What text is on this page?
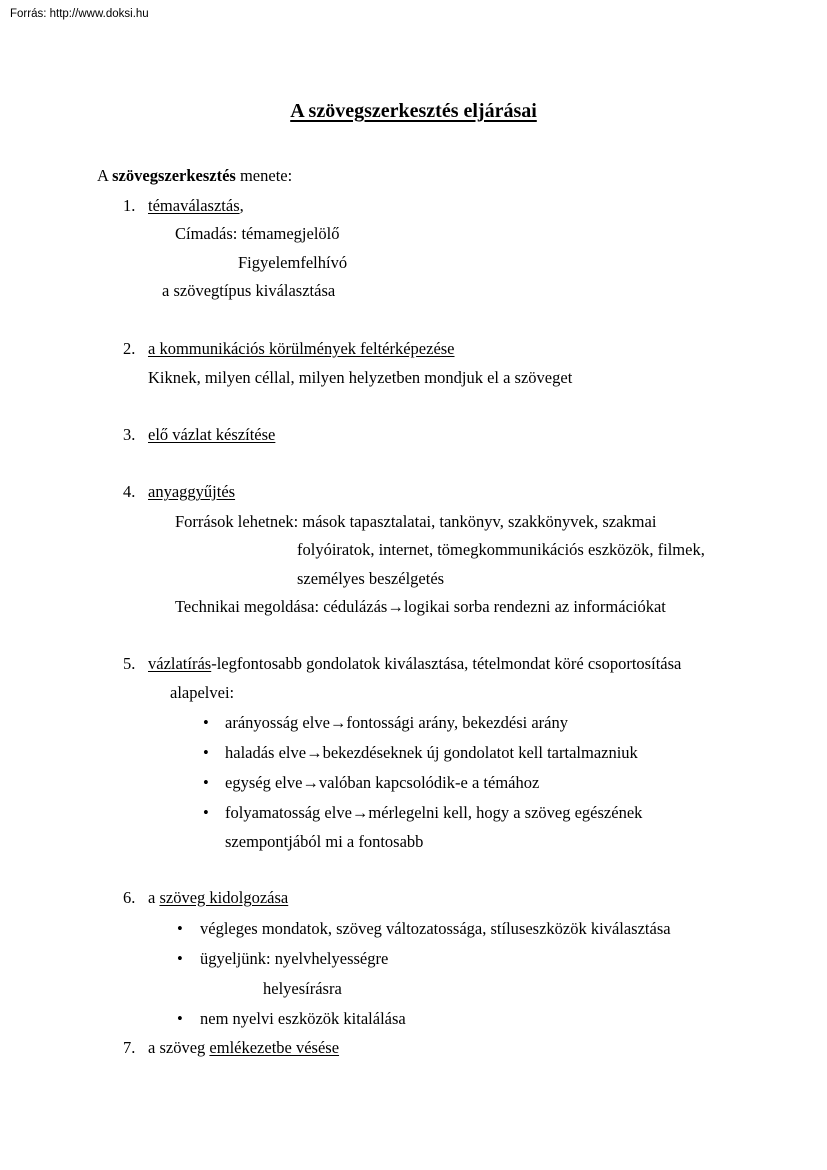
Forrás: http://www.doksi.hu
A szövegszerkesztés eljárásai
A szövegszerkesztés menete:
1. témaválasztás,
Címadás: témamegjelölő
Figyelemfelhívó
a szövegtípus kiválasztása
2. a kommunikációs körülmények feltérképezése
Kiknek, milyen céllal, milyen helyzetben mondjuk el a szöveget
3. elő vázlat készítése
4. anyaggyűjtés
Források lehetnek: mások tapasztalatai, tankönyv, szakkönyvek, szakmai
folyóiratok, internet, tömegkommunikációs eszközök, filmek,
személyes beszélgetés
Technikai megoldása: cédulázás→logikai sorba rendezni az információkat
5. vázlatírás-legfontosabb gondolatok kiválasztása, tételmondat köré csoportosítása
alapelvei:
• arányosság elve→fontossági arány, bekezdési arány
• haladás elve→bekezdéseknek új gondolatot kell tartalmazniuk
• egység elve→valóban kapcsolódik-e a témához
• folyamatosság elve→mérlegelni kell, hogy a szöveg egészének
szempontjából mi a fontosabb
6. a szöveg kidolgozása
• végleges mondatok, szöveg változatossága, stíluseszközök kiválasztása
• ügyeljünk: nyelvhelyességre
helyesírásra
• nem nyelvi eszközök kitalálása
7. a szöveg emlékezetbe vésése
